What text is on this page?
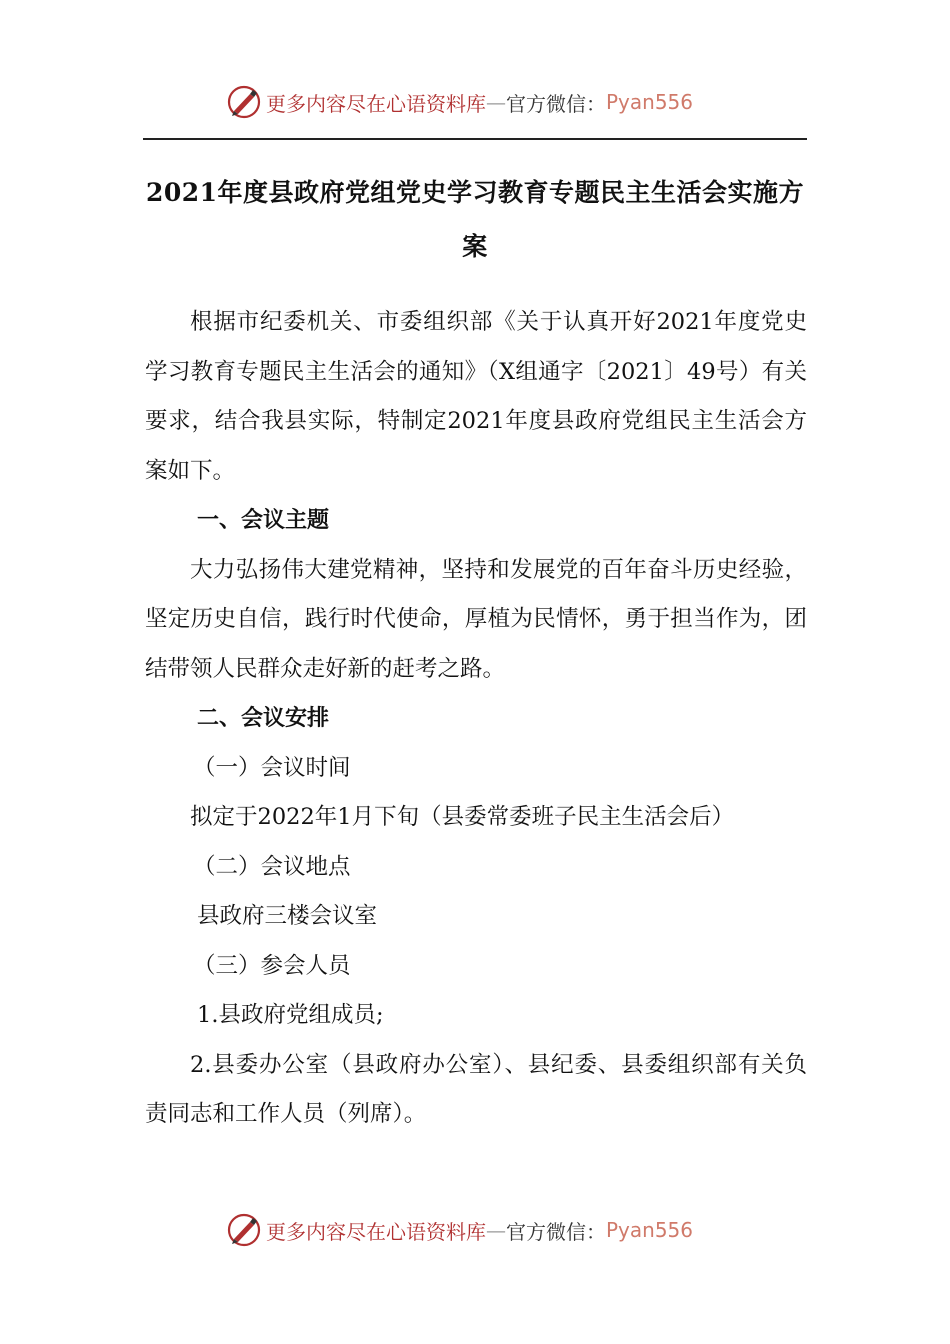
更多内容尽在心语资料库 — 官方微信： Pyan556
2021年度县政府党组党史学习教育专题民主生活会实施方案

根据市纪委机关、市委组织部《关于认真开好2021年度党史学习教育专题民主生活会的通知》（X组通字〔2021〕49号）有关要求，结合我县实际，特制定2021年度县政府党组民主生活会方案如下。

一、会议主题

大力弘扬伟大建党精神，坚持和发展党的百年奋斗历史经验，坚定历史自信，践行时代使命，厚植为民情怀，勇于担当作为，团结带领人民群众走好新的赶考之路。

二、会议安排

（一）会议时间

拟定于2022年1月下旬（县委常委班子民主生活会后）

（二）会议地点

县政府三楼会议室

（三）参会人员

1.县政府党组成员;

2.县委办公室（县政府办公室）、县纪委、县委组织部有关负责同志和工作人员（列席）。

更多内容尽在心语资料库 — 官方微信： Pyan556
